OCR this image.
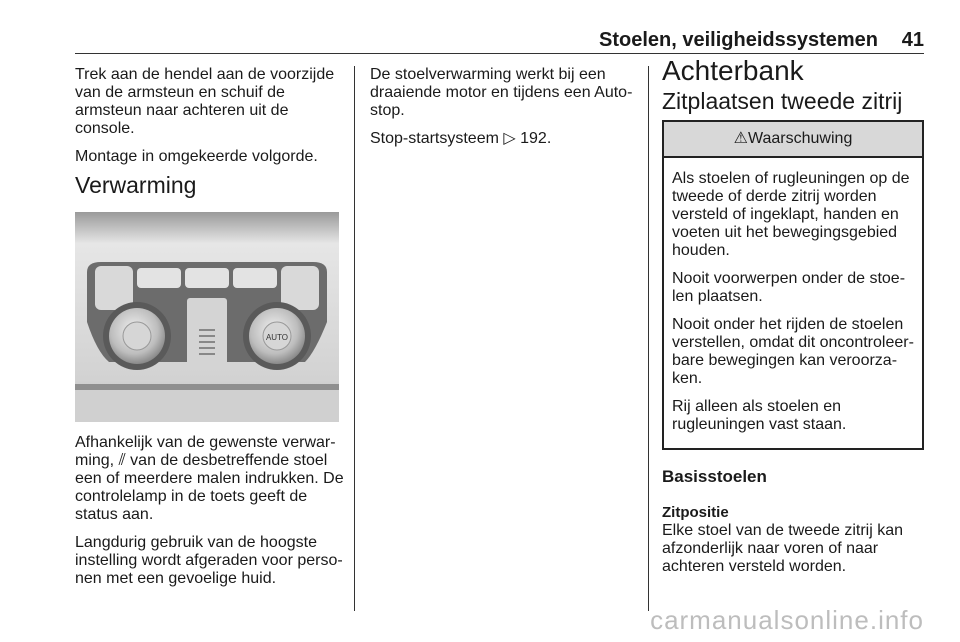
Stoelen, veiligheidssystemen 41

Trek aan de hendel aan de voorzijde van de armsteun en schuif de armsteun naar achteren uit de console.

Montage in omgekeerde volgorde.

Verwarming
AUTO

Afhankelijk van de gewenste verwarming, ⫽ van de desbetreffende stoel een of meerdere malen indrukken. De controlelamp in de toets geeft de status aan.

Langdurig gebruik van de hoogste instelling wordt afgeraden voor personen met een gevoelige huid.

De stoelverwarming werkt bij een draaiende motor en tijdens een Auto-stop.

Stop-startsysteem ▷ 192.

Achterbank
Zitplaatsen tweede zitrij
⚠Waarschuwing

Als stoelen of rugleuningen op de tweede of derde zitrij worden versteld of ingeklapt, handen en voeten uit het bewegingsgebied houden.

Nooit voorwerpen onder de stoelen plaatsen.

Nooit onder het rijden de stoelen verstellen, omdat dit oncontroleerbare bewegingen kan veroorzaken.

Rij alleen als stoelen en rugleuningen vast staan.

Basisstoelen
Zitpositie

Elke stoel van de tweede zitrij kan afzonderlijk naar voren of naar achteren versteld worden.

carmanualsonline.info
